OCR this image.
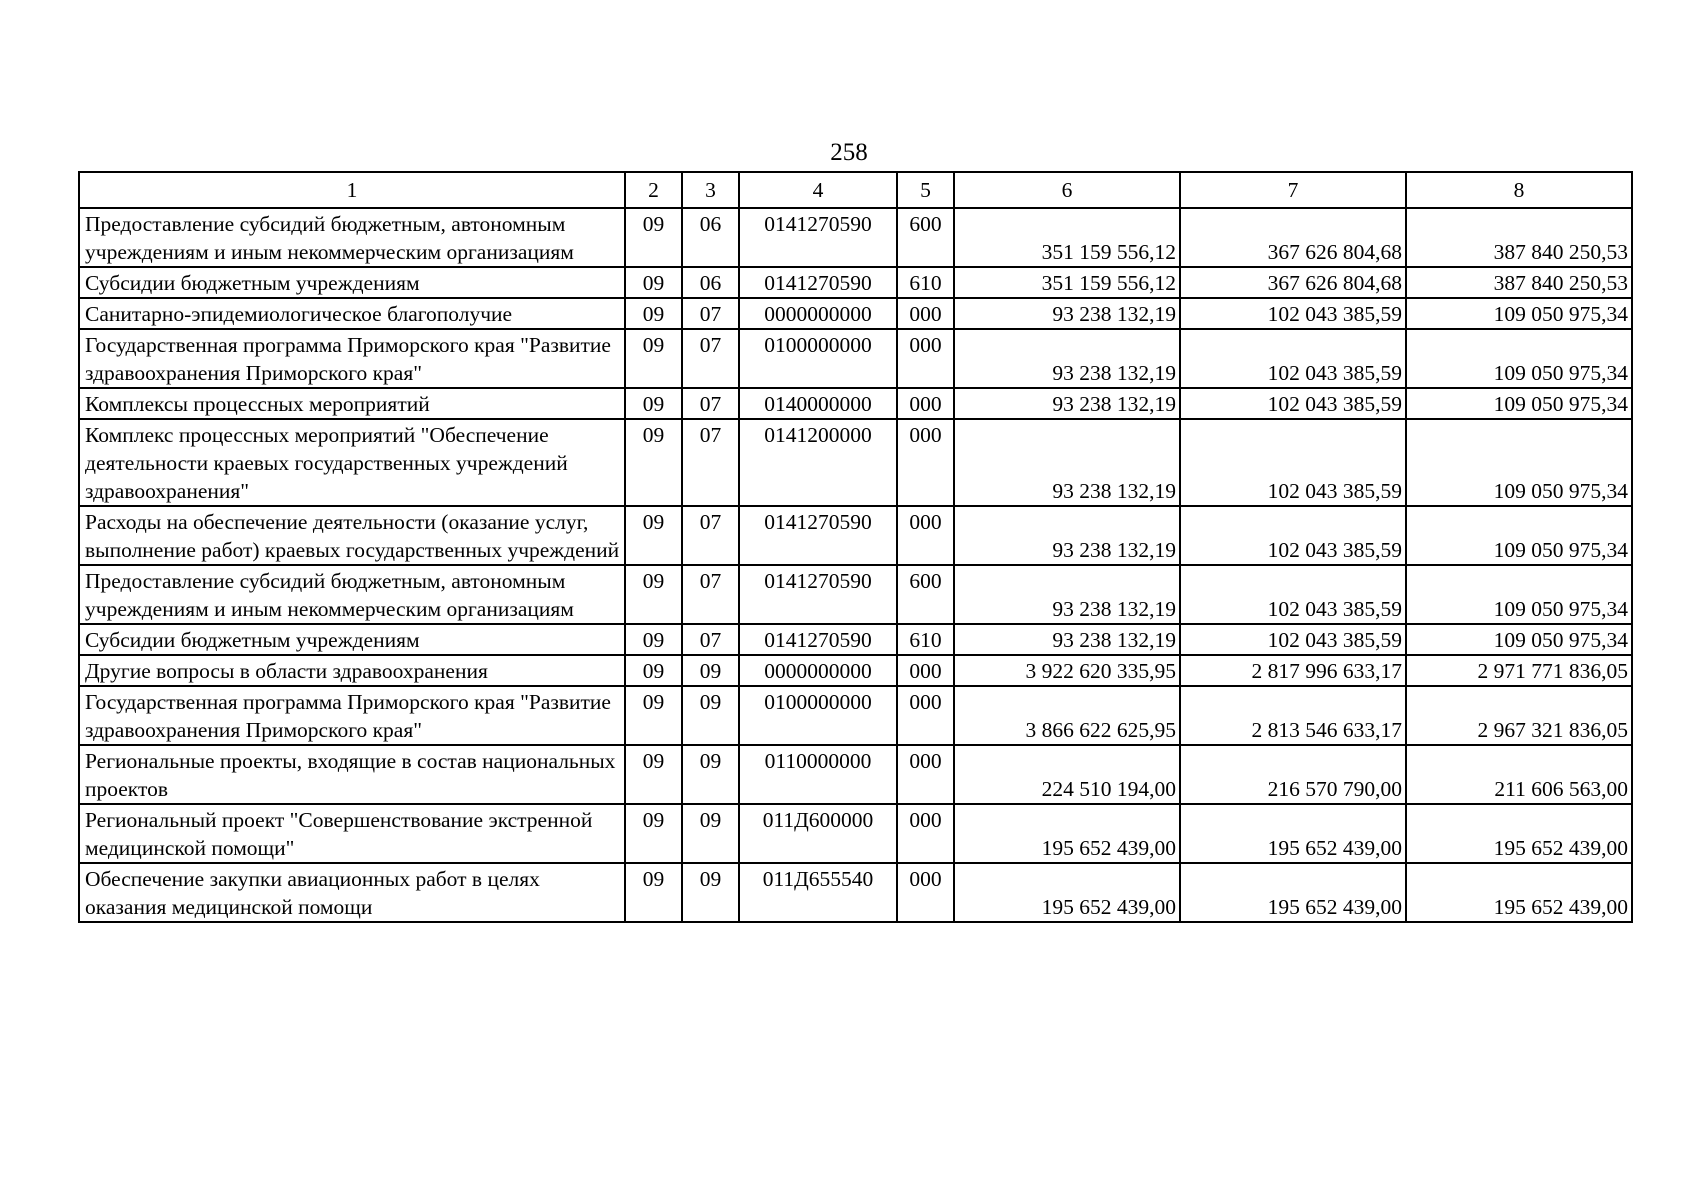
258
1	2	3	4	5	6	7	8
Предоставление субсидий бюджетным, автономным учреждениям и иным некоммерческим организациям	09	06	0141270590	600	351 159 556,12	367 626 804,68	387 840 250,53
Субсидии бюджетным учреждениям	09	06	0141270590	610	351 159 556,12	367 626 804,68	387 840 250,53
Санитарно-эпидемиологическое благополучие	09	07	0000000000	000	93 238 132,19	102 043 385,59	109 050 975,34
Государственная программа Приморского края "Развитие здравоохранения Приморского края"	09	07	0100000000	000	93 238 132,19	102 043 385,59	109 050 975,34
Комплексы процессных мероприятий	09	07	0140000000	000	93 238 132,19	102 043 385,59	109 050 975,34
Комплекс процессных мероприятий "Обеспечение деятельности краевых государственных учреждений здравоохранения"	09	07	0141200000	000	93 238 132,19	102 043 385,59	109 050 975,34
Расходы на обеспечение деятельности (оказание услуг, выполнение работ) краевых государственных учреждений	09	07	0141270590	000	93 238 132,19	102 043 385,59	109 050 975,34
Предоставление субсидий бюджетным, автономным учреждениям и иным некоммерческим организациям	09	07	0141270590	600	93 238 132,19	102 043 385,59	109 050 975,34
Субсидии бюджетным учреждениям	09	07	0141270590	610	93 238 132,19	102 043 385,59	109 050 975,34
Другие вопросы в области здравоохранения	09	09	0000000000	000	3 922 620 335,95	2 817 996 633,17	2 971 771 836,05
Государственная программа Приморского края "Развитие здравоохранения Приморского края"	09	09	0100000000	000	3 866 622 625,95	2 813 546 633,17	2 967 321 836,05
Региональные проекты, входящие в состав национальных проектов	09	09	0110000000	000	224 510 194,00	216 570 790,00	211 606 563,00
Региональный проект "Совершенствование экстренной медицинской помощи"	09	09	011Д600000	000	195 652 439,00	195 652 439,00	195 652 439,00
Обеспечение закупки авиационных работ в целях оказания медицинской помощи	09	09	011Д655540	000	195 652 439,00	195 652 439,00	195 652 439,00
